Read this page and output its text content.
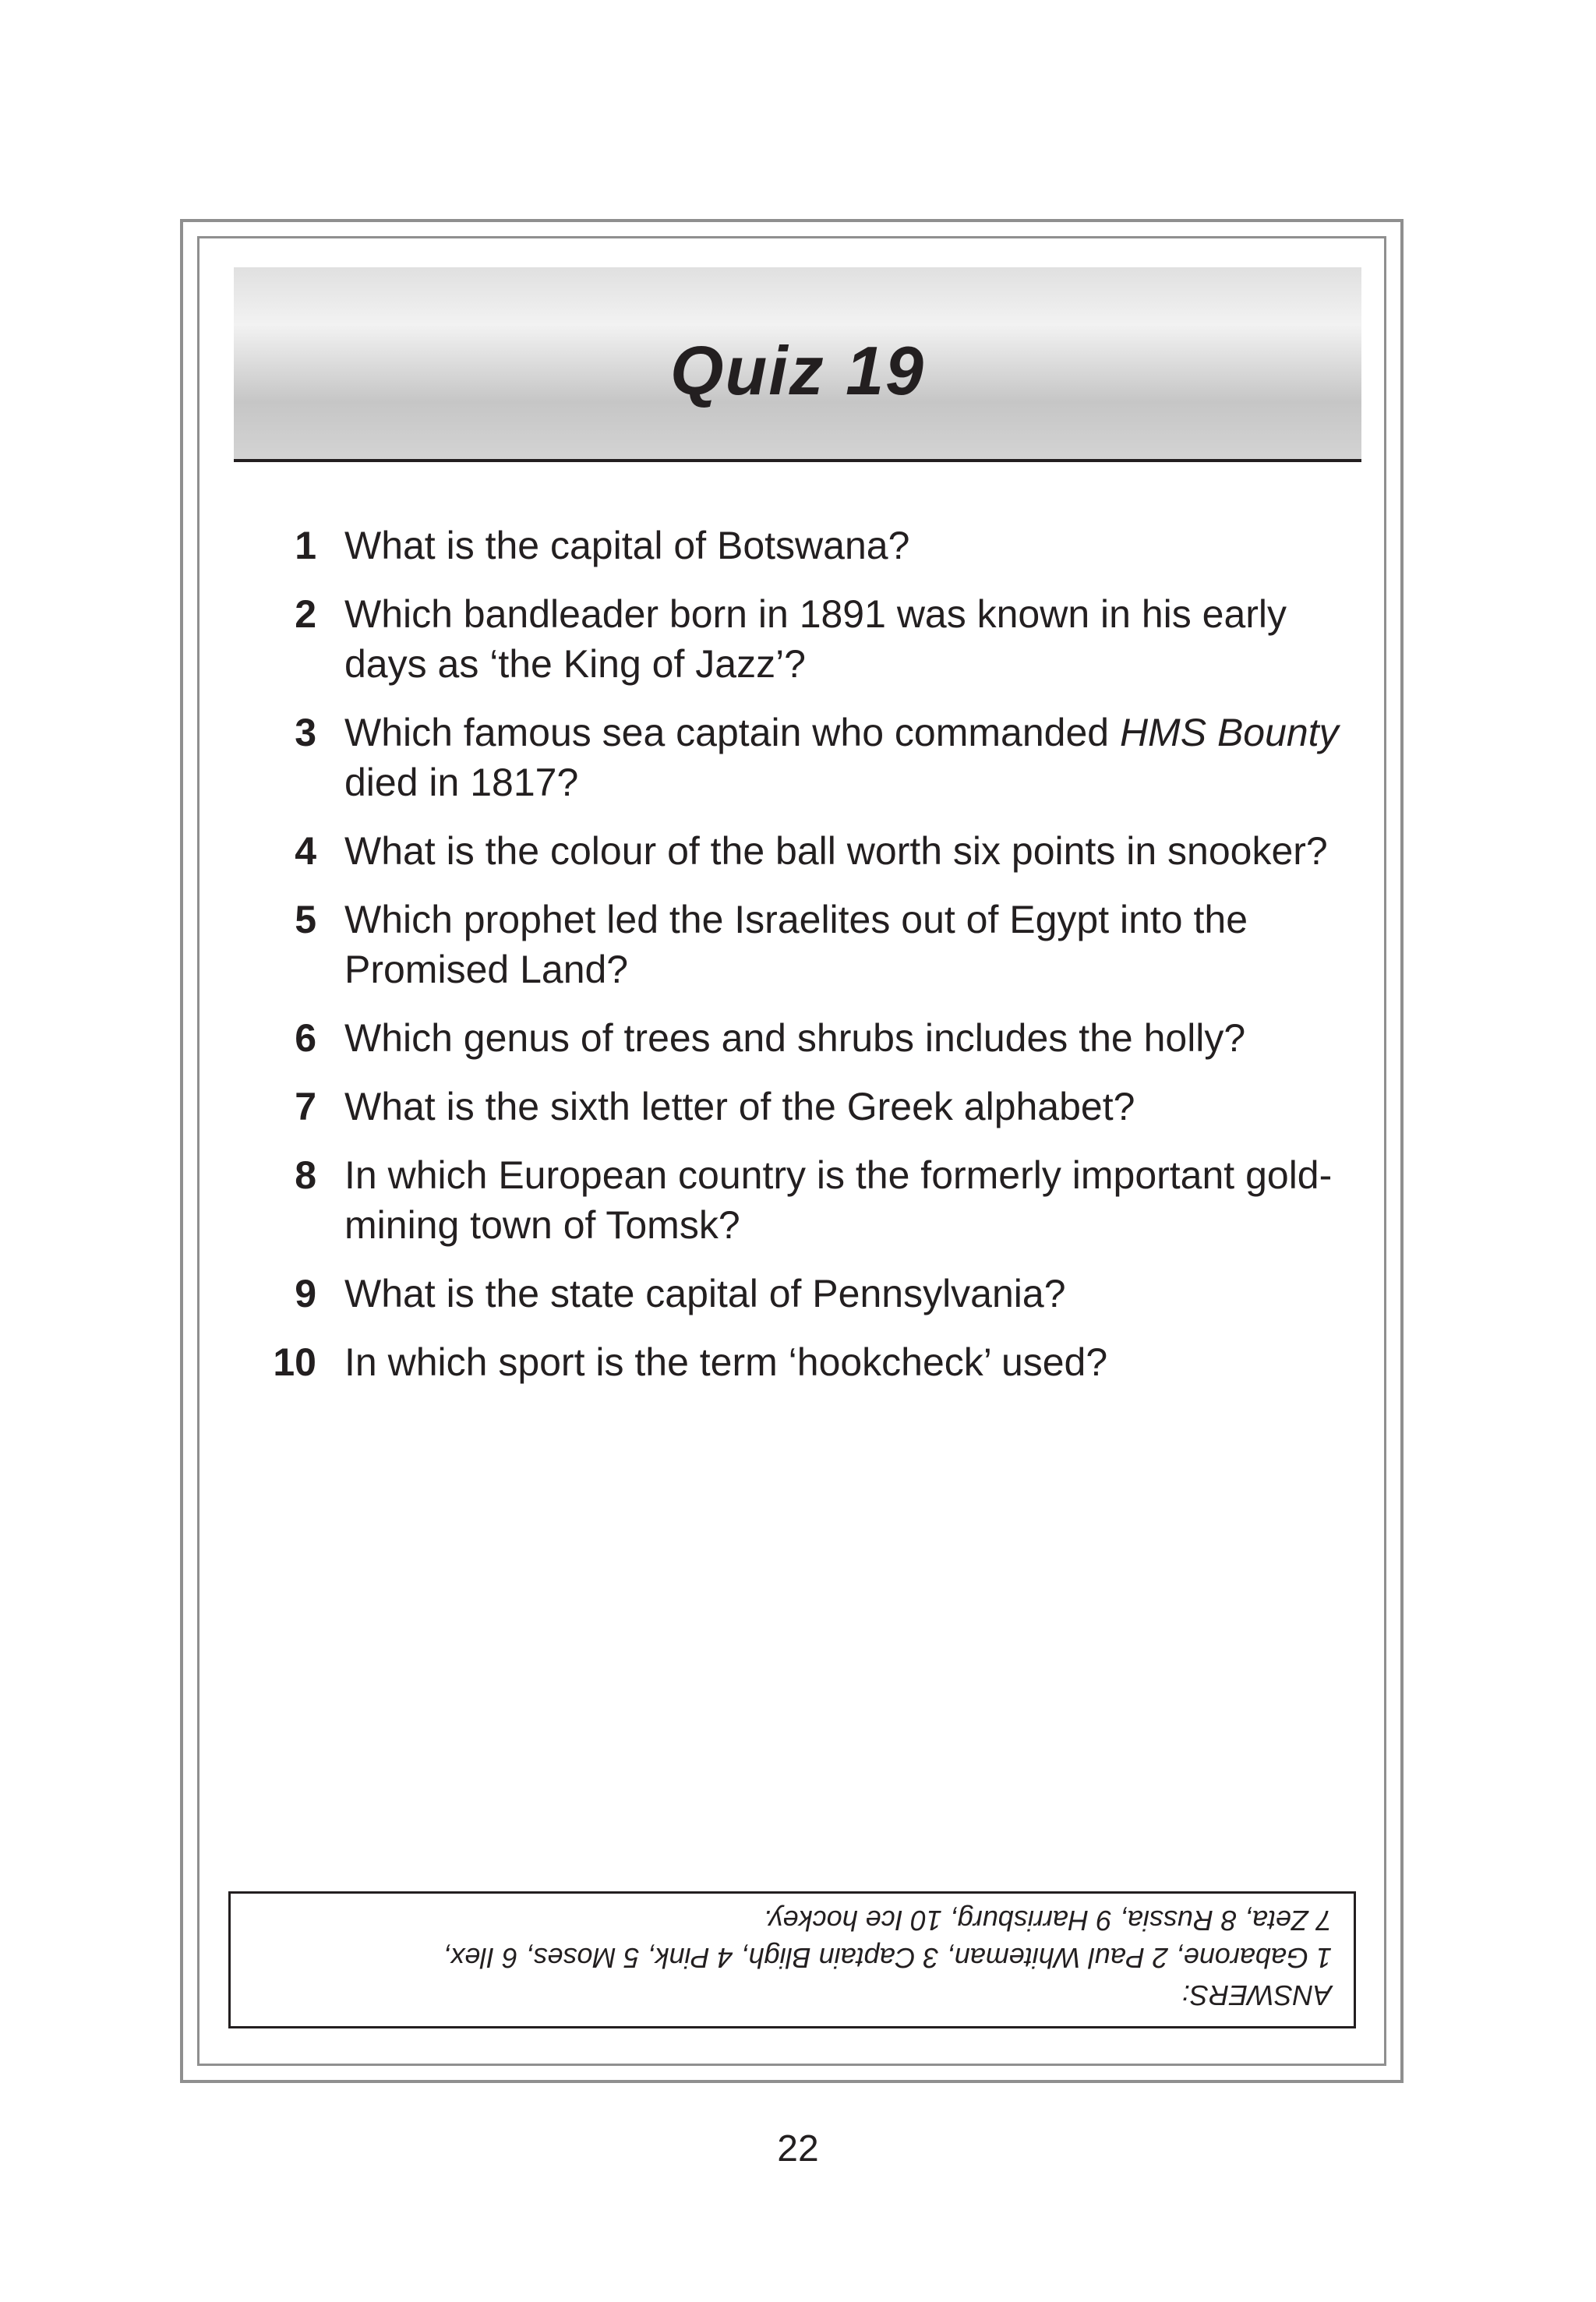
Quiz 19
1 What is the capital of Botswana?
2 Which bandleader born in 1891 was known in his early days as ‘the King of Jazz’?
3 Which famous sea captain who commanded HMS Bounty died in 1817?
4 What is the colour of the ball worth six points in snooker?
5 Which prophet led the Israelites out of Egypt into the Promised Land?
6 Which genus of trees and shrubs includes the holly?
7 What is the sixth letter of the Greek alphabet?
8 In which European country is the formerly important gold-mining town of Tomsk?
9 What is the state capital of Pennsylvania?
10 In which sport is the term ‘hookcheck’ used?
ANSWERS:
1 Gabarone, 2 Paul Whiteman, 3 Captain Bligh, 4 Pink, 5 Moses, 6 Ilex,
7 Zeta, 8 Russia, 9 Harrisburg, 10 Ice hockey.
22
